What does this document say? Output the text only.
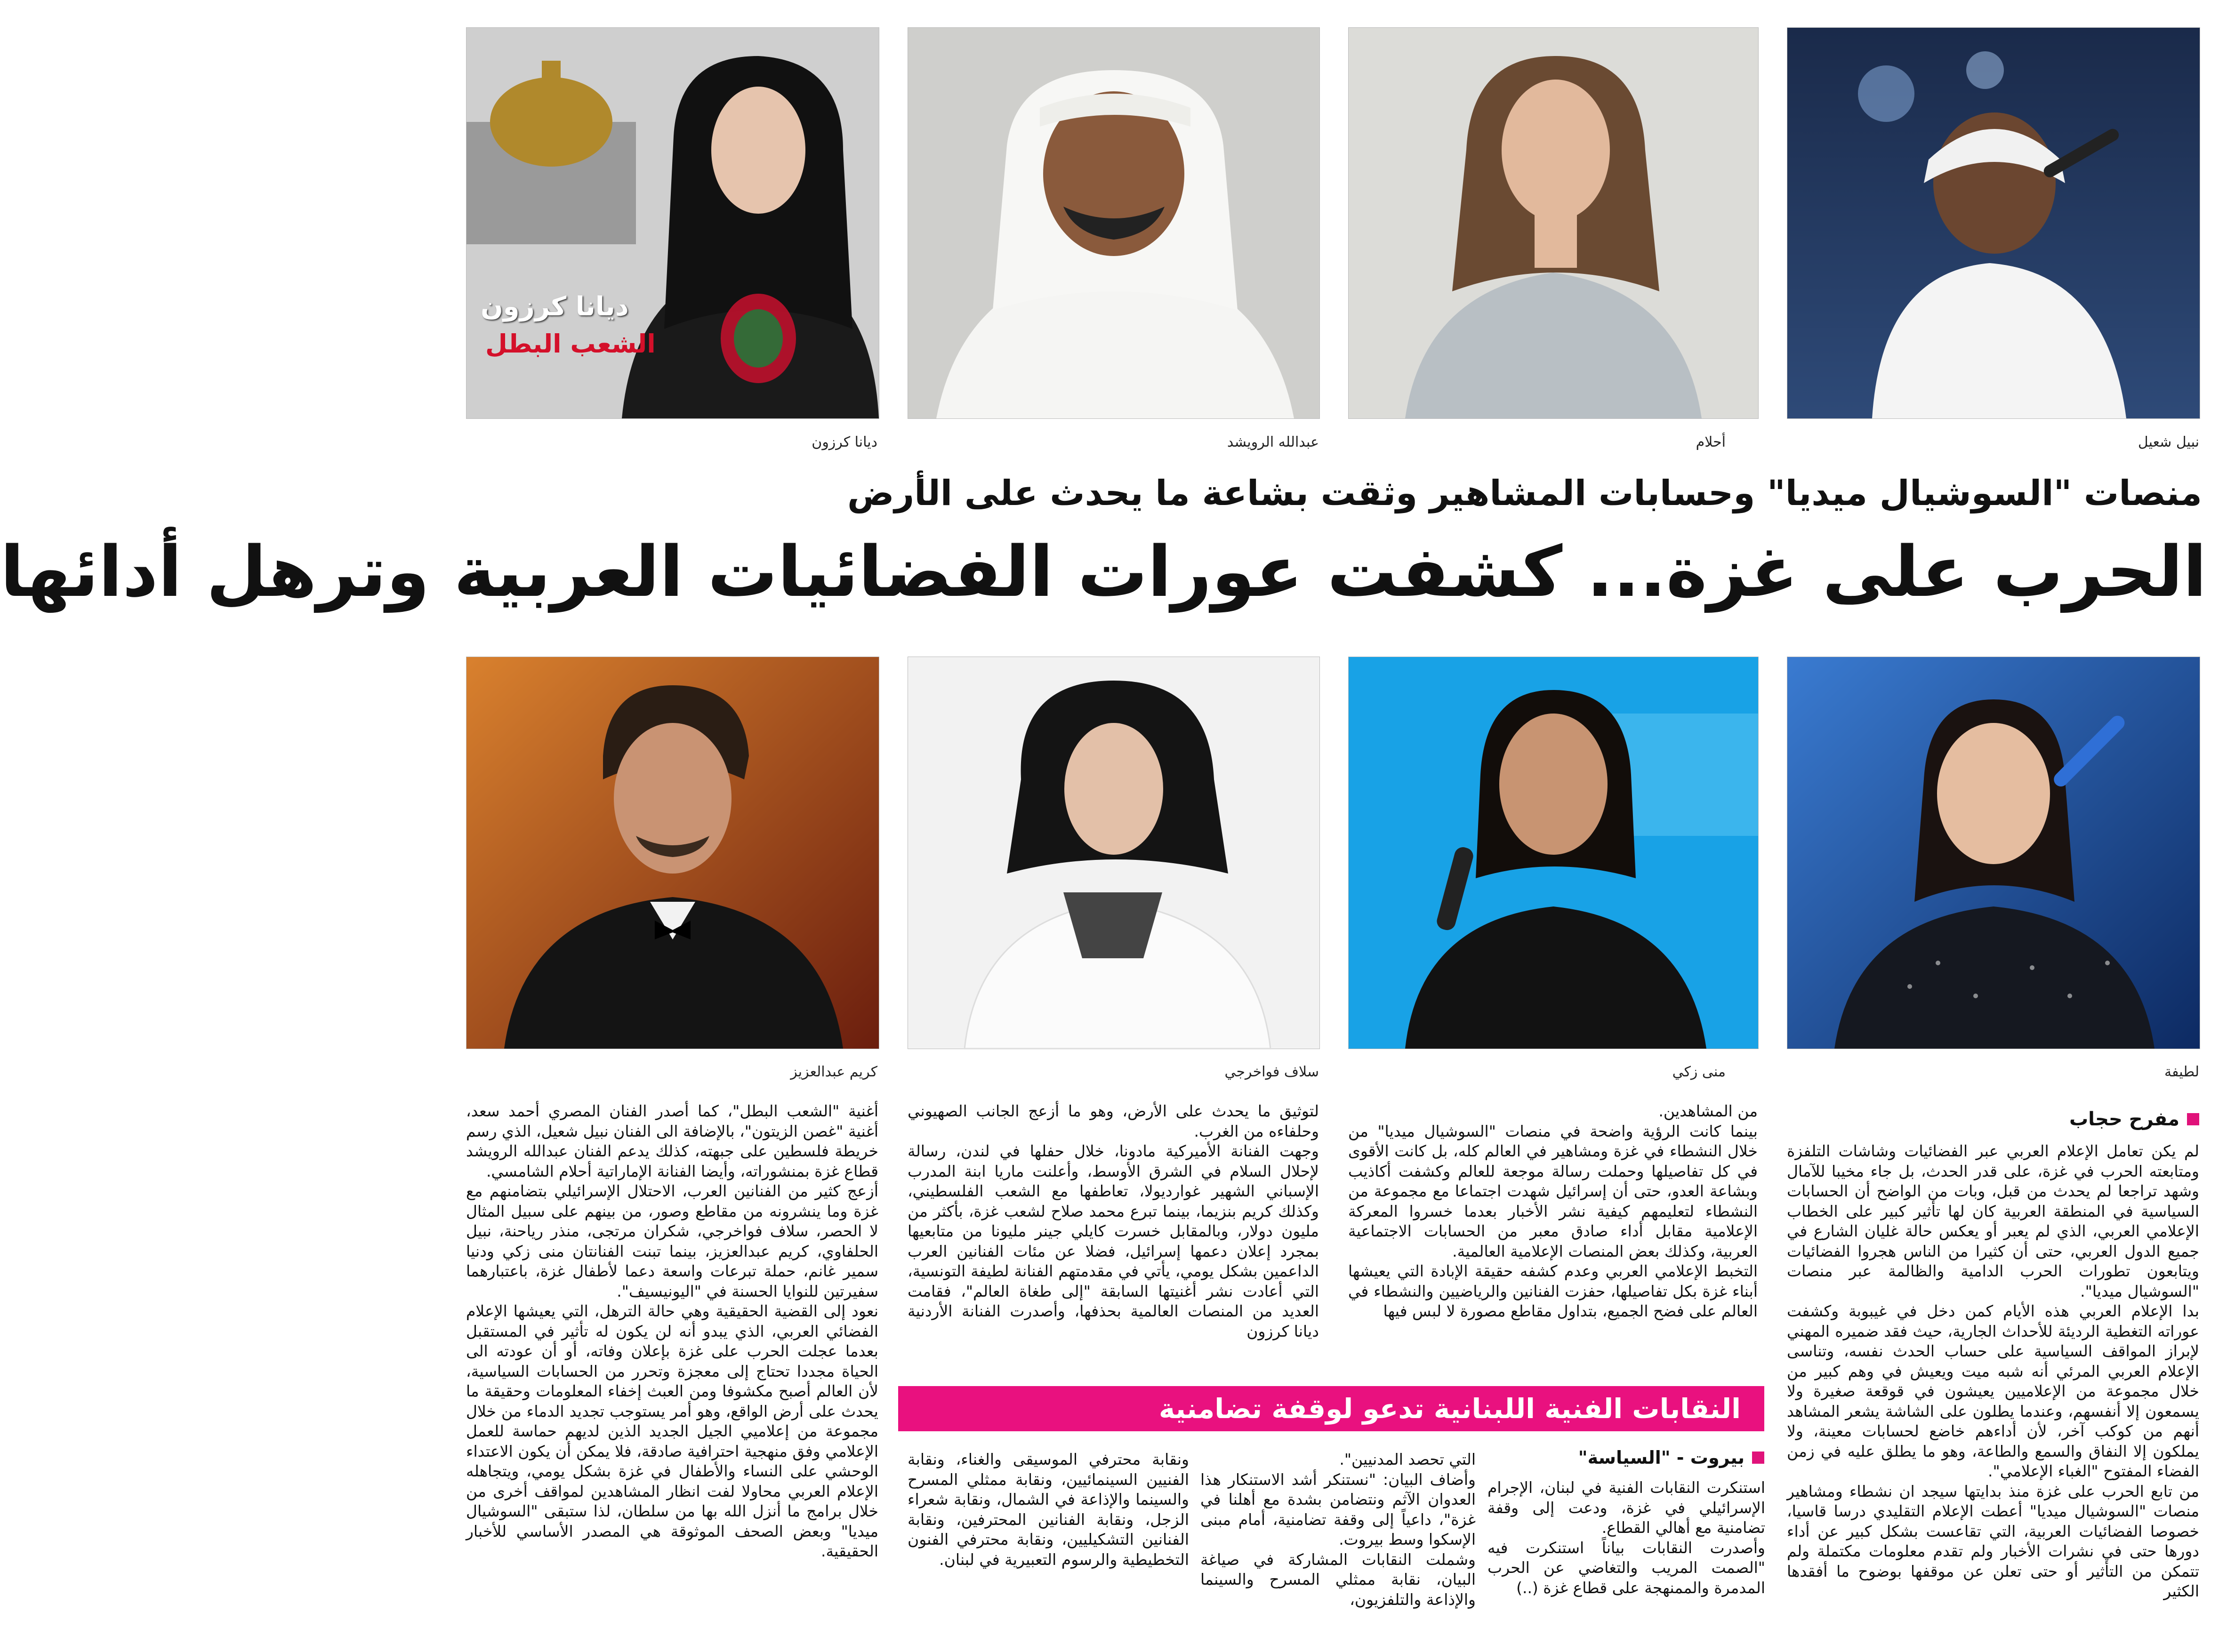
نبيل شعيل
أحلام
عبدالله الرويشد
ديانا كرزون
الشعب البطل
ديانا كرزون
منصات "السوشيال ميديا" وحسابات المشاهير وثقت بشاعة ما يحدث على الأرض
الحرب على غزة... كشفت عورات الفضائيات العربية وترهل أدائها
لطيفة
منى زكي
سلاف فواخرجي
كريم عبدالعزيز
مفرح حجاب
لم يكن تعامل الإعلام العربي عبر الفضائيات وشاشات التلفزة ومتابعته الحرب في غزة، على قدر الحدث، بل جاء مخيبا للآمال وشهد تراجعا لم يحدث من قبل، وبات من الواضح أن الحسابات السياسية في المنطقة العربية كان لها تأثير كبير على الخطاب الإعلامي العربي، الذي لم يعبر أو يعكس حالة غليان الشارع في جميع الدول العربي، حتى أن كثيرا من الناس هجروا الفضائيات ويتابعون تطورات الحرب الدامية والظالمة عبر منصات "السوشيال ميديا".
بدا الإعلام العربي هذه الأيام كمن دخل في غيبوبة وكشفت عوراته التغطية الرديئة للأحداث الجارية، حيث فقد ضميره المهني لإبراز المواقف السياسية على حساب الحدث نفسه، وتناسى الإعلام العربي المرئي أنه شبه ميت ويعيش في وهم كبير من خلال مجموعة من الإعلاميين يعيشون في قوقعة صغيرة ولا يسمعون إلا أنفسهم، وعندما يطلون على الشاشة يشعر المشاهد أنهم من كوكب آخر، لأن أداءهم خاضع لحسابات معينة، ولا يملكون إلا النفاق والسمع والطاعة، وهو ما يطلق عليه في زمن الفضاء المفتوح "الغباء الإعلامي".
من تابع الحرب على غزة منذ بدايتها سيجد ان نشطاء ومشاهير منصات "السوشيال ميديا" أعطت الإعلام التقليدي درسا قاسيا، خصوصا الفضائيات العربية، التي تقاعست بشكل كبير عن أداء دورها حتى في نشرات الأخبار ولم تقدم معلومات مكتملة ولم تتمكن من التأثير أو حتى تعلن عن موقفها بوضوح ما أفقدها الكثير
من المشاهدين.
بينما كانت الرؤية واضحة في منصات "السوشيال ميديا" من خلال النشطاء في غزة ومشاهير في العالم كله، بل كانت الأقوى في كل تفاصيلها وحملت رسالة موجعة للعالم وكشفت أكاذيب وبشاعة العدو، حتى أن إسرائيل شهدت اجتماعا مع مجموعة من النشطاء لتعليمهم كيفية نشر الأخبار بعدما خسروا المعركة الإعلامية مقابل أداء صادق معبر من الحسابات الاجتماعية العربية، وكذلك بعض المنصات الإعلامية العالمية.
التخبط الإعلامي العربي وعدم كشفه حقيقة الإبادة التي يعيشها أبناء غزة بكل تفاصيلها، حفزت الفنانين والرياضيين والنشطاء في العالم على فضح الجميع، بتداول مقاطع مصورة لا لبس فيها
لتوثيق ما يحدث على الأرض، وهو ما أزعج الجانب الصهيوني وحلفاءه من الغرب.
وجهت الفنانة الأميركية مادونا، خلال حفلها في لندن، رسالة لإحلال السلام في الشرق الأوسط، وأعلنت ماريا ابنة المدرب الإسباني الشهير غوارديولا، تعاطفها مع الشعب الفلسطيني، وكذلك كريم بنزيما، بينما تبرع محمد صلاح لشعب غزة، بأكثر من مليون دولار، وبالمقابل خسرت كايلي جينر مليونا من متابعيها بمجرد إعلان دعمها إسرائيل، فضلا عن مئات الفنانين العرب الداعمين بشكل يومي، يأتي في مقدمتهم الفنانة لطيفة التونسية، التي أعادت نشر أغنيتها السابقة "إلى طغاة العالم"، فقامت العديد من المنصات العالمية بحذفها، وأصدرت الفنانة الأردنية ديانا كرزون
أغنية "الشعب البطل"، كما أصدر الفنان المصري أحمد سعد، أغنية "غصن الزيتون"، بالإضافة الى الفنان نبيل شعيل، الذي رسم خريطة فلسطين على جبهته، كذلك يدعم الفنان عبدالله الرويشد قطاع غزة بمنشوراته، وأيضا الفنانة الإماراتية أحلام الشامسي.
أزعج كثير من الفنانين العرب، الاحتلال الإسرائيلي بتضامنهم مع غزة وما ينشرونه من مقاطع وصور، من بينهم على سبيل المثال لا الحصر، سلاف فواخرجي، شكران مرتجى، منذر رياحنة، نبيل الحلفاوي، كريم عبدالعزيز، بينما تبنت الفنانتان منى زكي ودنيا سمير غانم، حملة تبرعات واسعة دعما لأطفال غزة، باعتبارهما سفيرتين للنوايا الحسنة في "اليونيسيف".
نعود إلى القضية الحقيقية وهي حالة الترهل، التي يعيشها الإعلام الفضائي العربي، الذي يبدو أنه لن يكون له تأثير في المستقبل بعدما عجلت الحرب على غزة بإعلان وفاته، أو أن عودته الى الحياة مجددا تحتاج إلى معجزة وتحرر من الحسابات السياسية، لأن العالم أصبح مكشوفا ومن العبث إخفاء المعلومات وحقيقة ما يحدث على أرض الواقع، وهو أمر يستوجب تجديد الدماء من خلال مجموعة من إعلاميي الجيل الجديد الذين لديهم حماسة للعمل الإعلامي وفق منهجية احترافية صادقة، فلا يمكن أن يكون الاعتداء الوحشي على النساء والأطفال في غزة بشكل يومي، ويتجاهله الإعلام العربي محاولا لفت انظار المشاهدين لمواقف أخرى من خلال برامج ما أنزل الله بها من سلطان، لذا ستبقى "السوشيال ميديا" وبعض الصحف الموثوقة هي المصدر الأساسي للأخبار الحقيقية.
النقابات الفنية اللبنانية تدعو لوقفة تضامنية
بيروت - "السياسة"
استنكرت النقابات الفنية في لبنان، الإجرام الإسرائيلي في غزة، ودعت إلى وقفة تضامنية مع أهالي القطاع.
وأصدرت النقابات بياناً استنكرت فيه "الصمت المريب والتغاضي عن الحرب المدمرة والممنهجة على قطاع غزة (..)
التي تحصد المدنيين".
وأضاف البيان: "نستنكر أشد الاستنكار هذا العدوان الآثم ونتضامن بشدة مع أهلنا في غزة"، داعياً إلى وقفة تضامنية، أمام مبنى الإسكوا وسط بيروت.
وشملت النقابات المشاركة في صياغة البيان، نقابة ممثلي المسرح والسينما والإذاعة والتلفزيون،
ونقابة محترفي الموسيقى والغناء، ونقابة الفنيين السينمائيين، ونقابة ممثلي المسرح والسينما والإذاعة في الشمال، ونقابة شعراء الزجل، ونقابة الفنانين المحترفين، ونقابة الفنانين التشكيليين، ونقابة محترفي الفنون التخطيطية والرسوم التعبيرية في لبنان.
